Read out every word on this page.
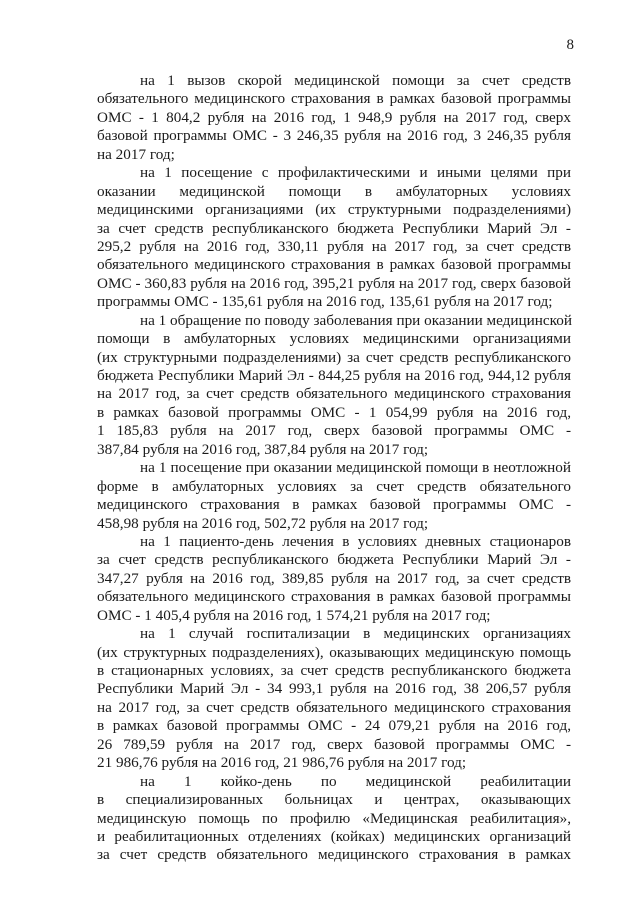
8
на 1 вызов скорой медицинской помощи за счет средств
обязательного медицинского страхования в рамках базовой программы
ОМС - 1 804,2 рубля на 2016 год, 1 948,9 рубля на 2017 год, сверх
базовой программы ОМС - 3 246,35 рубля на 2016 год, 3 246,35 рубля
на 2017 год;
на 1 посещение с профилактическими и иными целями при
оказании медицинской помощи в амбулаторных условиях
медицинскими организациями (их структурными подразделениями)
за счет средств республиканского бюджета Республики Марий Эл -
295,2 рубля на 2016 год, 330,11 рубля на 2017 год, за счет средств
обязательного медицинского страхования в рамках базовой программы
ОМС - 360,83 рубля на 2016 год, 395,21 рубля на 2017 год, сверх базовой
программы ОМС - 135,61 рубля на 2016 год, 135,61 рубля на 2017 год;
на 1 обращение по поводу заболевания при оказании медицинской
помощи в амбулаторных условиях медицинскими организациями
(их структурными подразделениями) за счет средств республиканского
бюджета Республики Марий Эл - 844,25 рубля на 2016 год, 944,12 рубля
на 2017 год, за счет средств обязательного медицинского страхования
в рамках базовой программы ОМС - 1 054,99 рубля на 2016 год,
1 185,83 рубля на 2017 год, сверх базовой программы ОМС -
387,84 рубля на 2016 год, 387,84 рубля на 2017 год;
на 1 посещение при оказании медицинской помощи в неотложной
форме в амбулаторных условиях за счет средств обязательного
медицинского страхования в рамках базовой программы ОМС -
458,98 рубля на 2016 год, 502,72 рубля на 2017 год;
на 1 пациенто-день лечения в условиях дневных стационаров
за счет средств республиканского бюджета Республики Марий Эл -
347,27 рубля на 2016 год, 389,85 рубля на 2017 год, за счет средств
обязательного медицинского страхования в рамках базовой программы
ОМС - 1 405,4 рубля на 2016 год, 1 574,21 рубля на 2017 год;
на 1 случай госпитализации в медицинских организациях
(их структурных подразделениях), оказывающих медицинскую помощь
в стационарных условиях, за счет средств республиканского бюджета
Республики Марий Эл - 34 993,1 рубля на 2016 год, 38 206,57 рубля
на 2017 год, за счет средств обязательного медицинского страхования
в рамках базовой программы ОМС - 24 079,21 рубля на 2016 год,
26 789,59 рубля на 2017 год, сверх базовой программы ОМС -
21 986,76 рубля на 2016 год, 21 986,76 рубля на 2017 год;
на 1 койко-день по медицинской реабилитации
в специализированных больницах и центрах, оказывающих
медицинскую помощь по профилю «Медицинская реабилитация»,
и реабилитационных отделениях (койках) медицинских организаций
за счет средств обязательного медицинского страхования в рамках
